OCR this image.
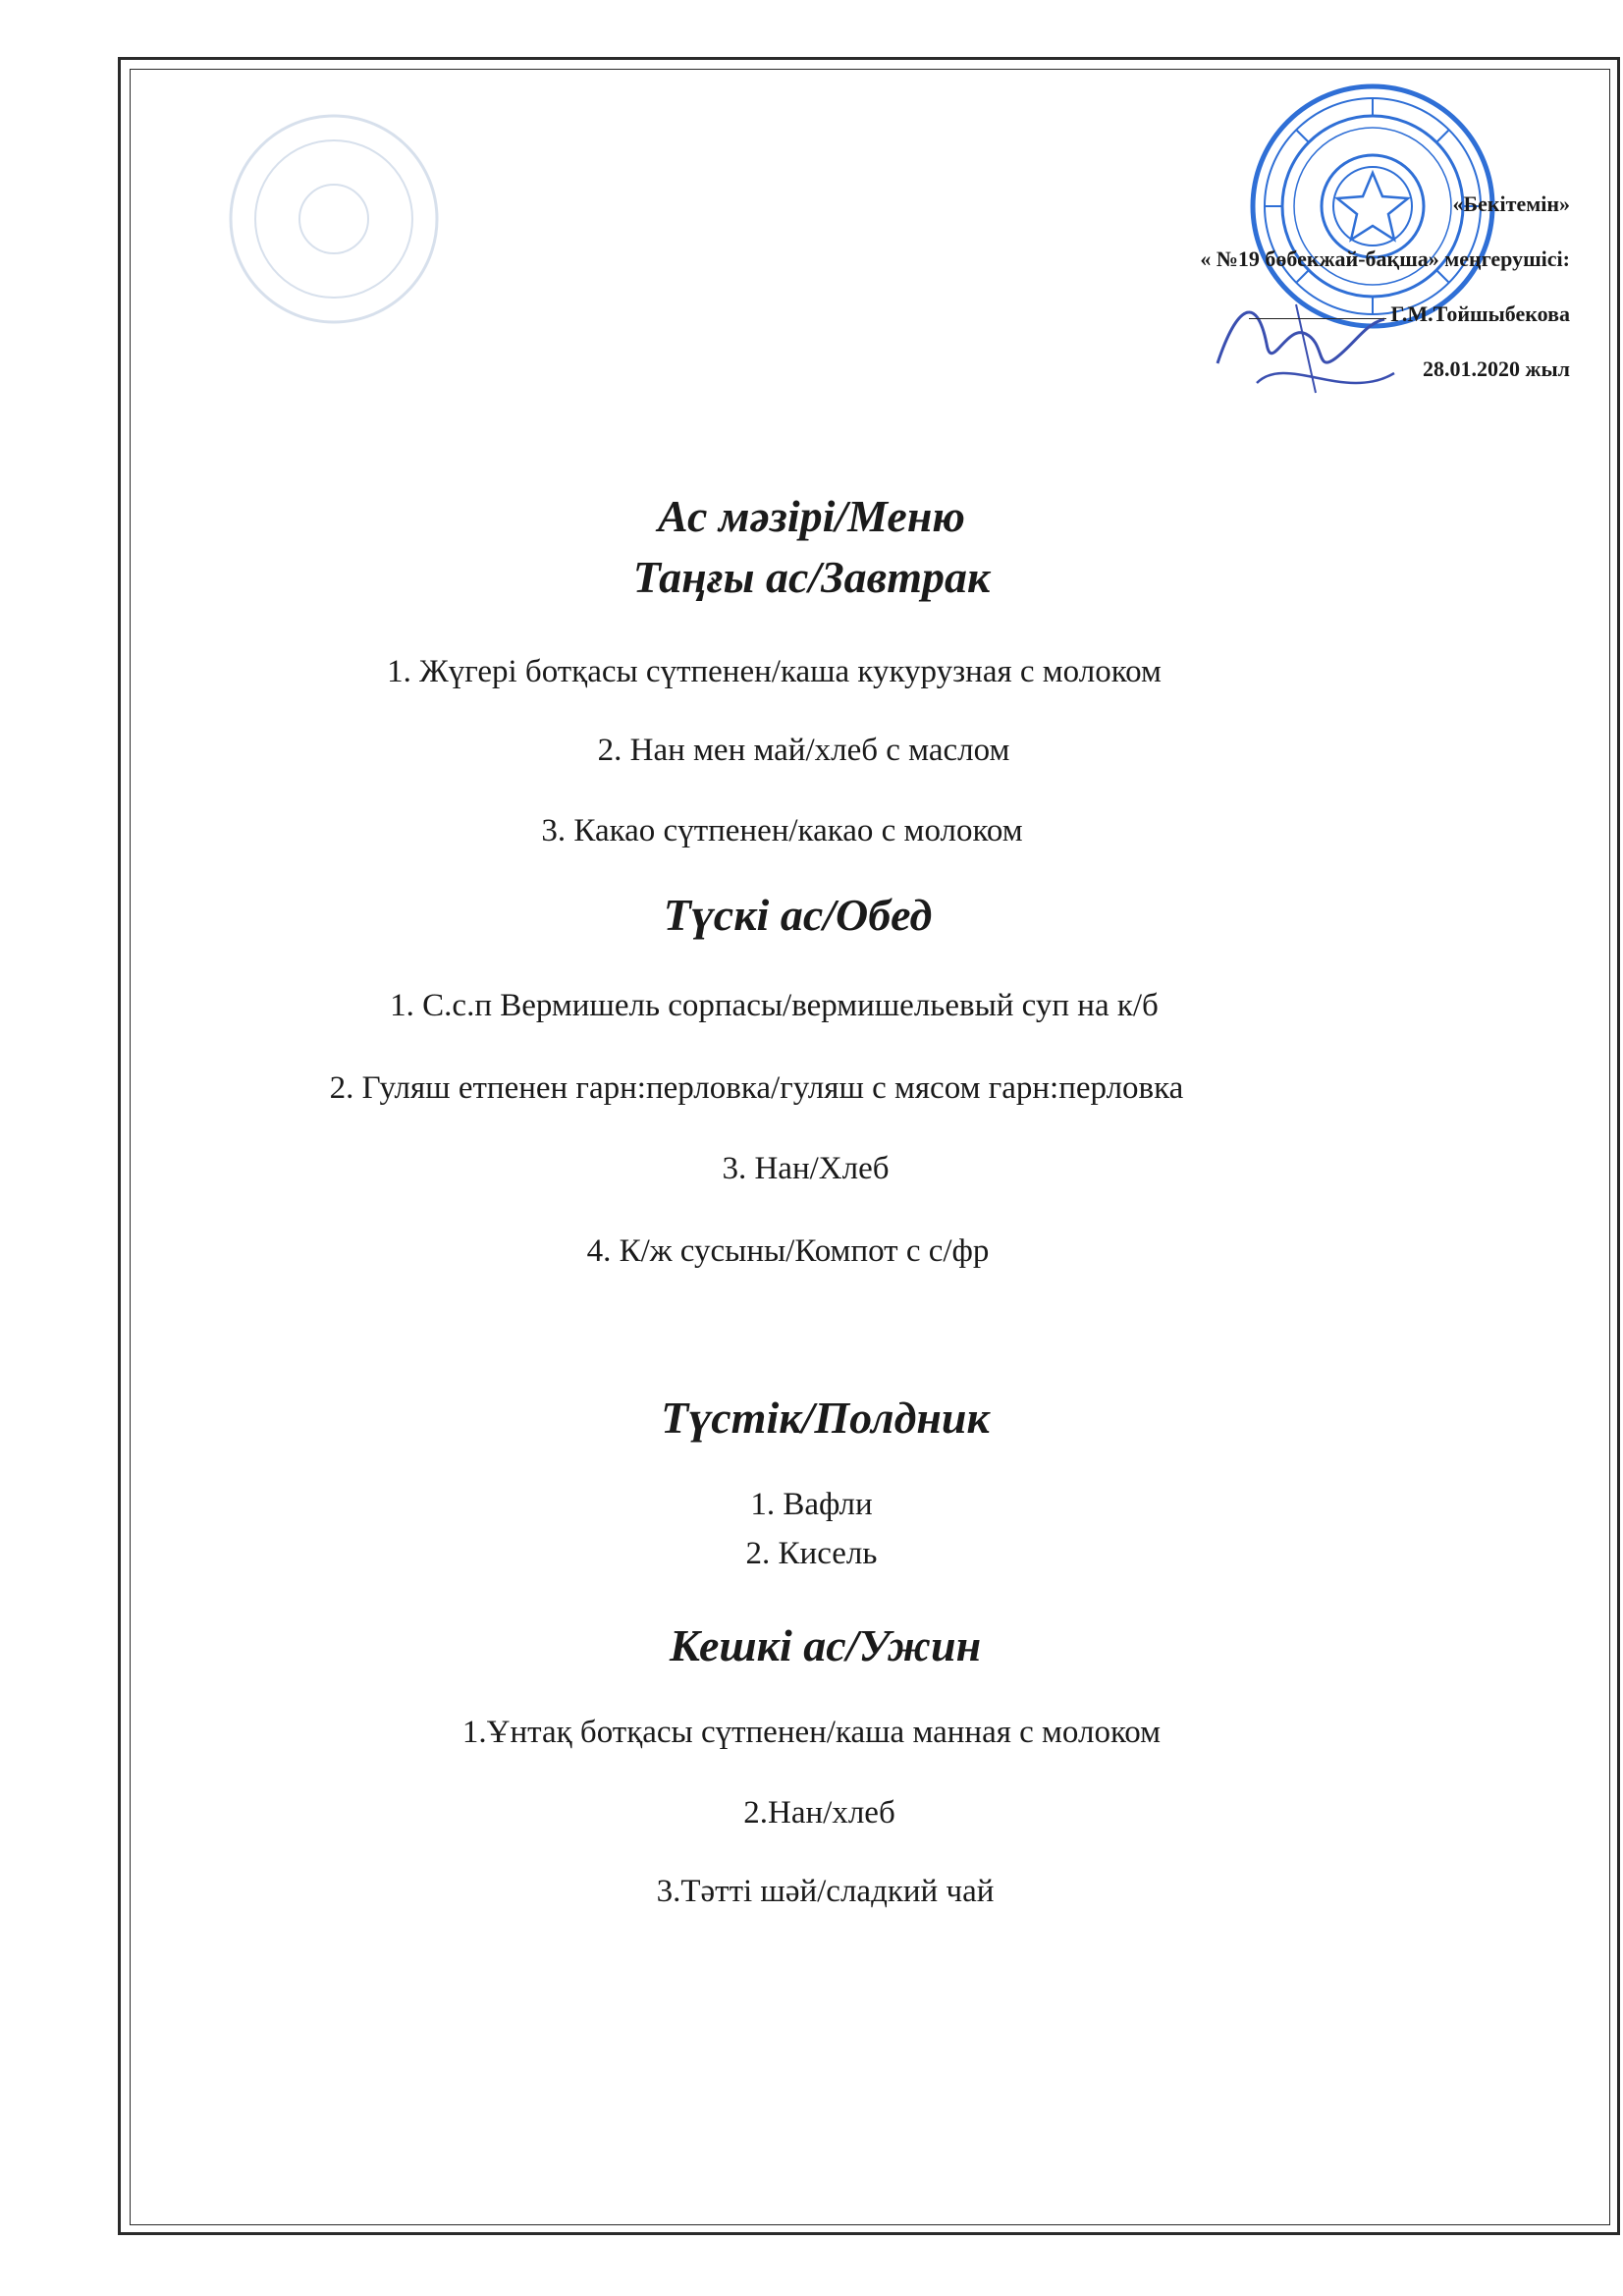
«Бекітемін»
« №19 бөбекжай-бақша» меңгерушісі:
Г.М.Тойшыбекова
28.01.2020 жыл
Ас мәзірі/Меню
Таңғы ас/Завтрак
1. Жүгері ботқасы сүтпенен/каша кукурузная с молоком
2. Нан мен май/хлеб с маслом
3. Какао сүтпенен/какао с молоком
Түскі ас/Обед
1. С.с.п Вермишель сорпасы/вермишельевый суп на к/б
2. Гуляш етпенен гарн:перловка/гуляш с мясом гарн:перловка
3. Нан/Хлеб
4. К/ж сусыны/Компот с с/фр
Түстік/Полдник
1. Вафли
2. Кисель
Кешкі ас/Ужин
1.Ұнтақ ботқасы сүтпенен/каша манная с молоком
2.Нан/хлеб
3.Тәтті шәй/сладкий чай
